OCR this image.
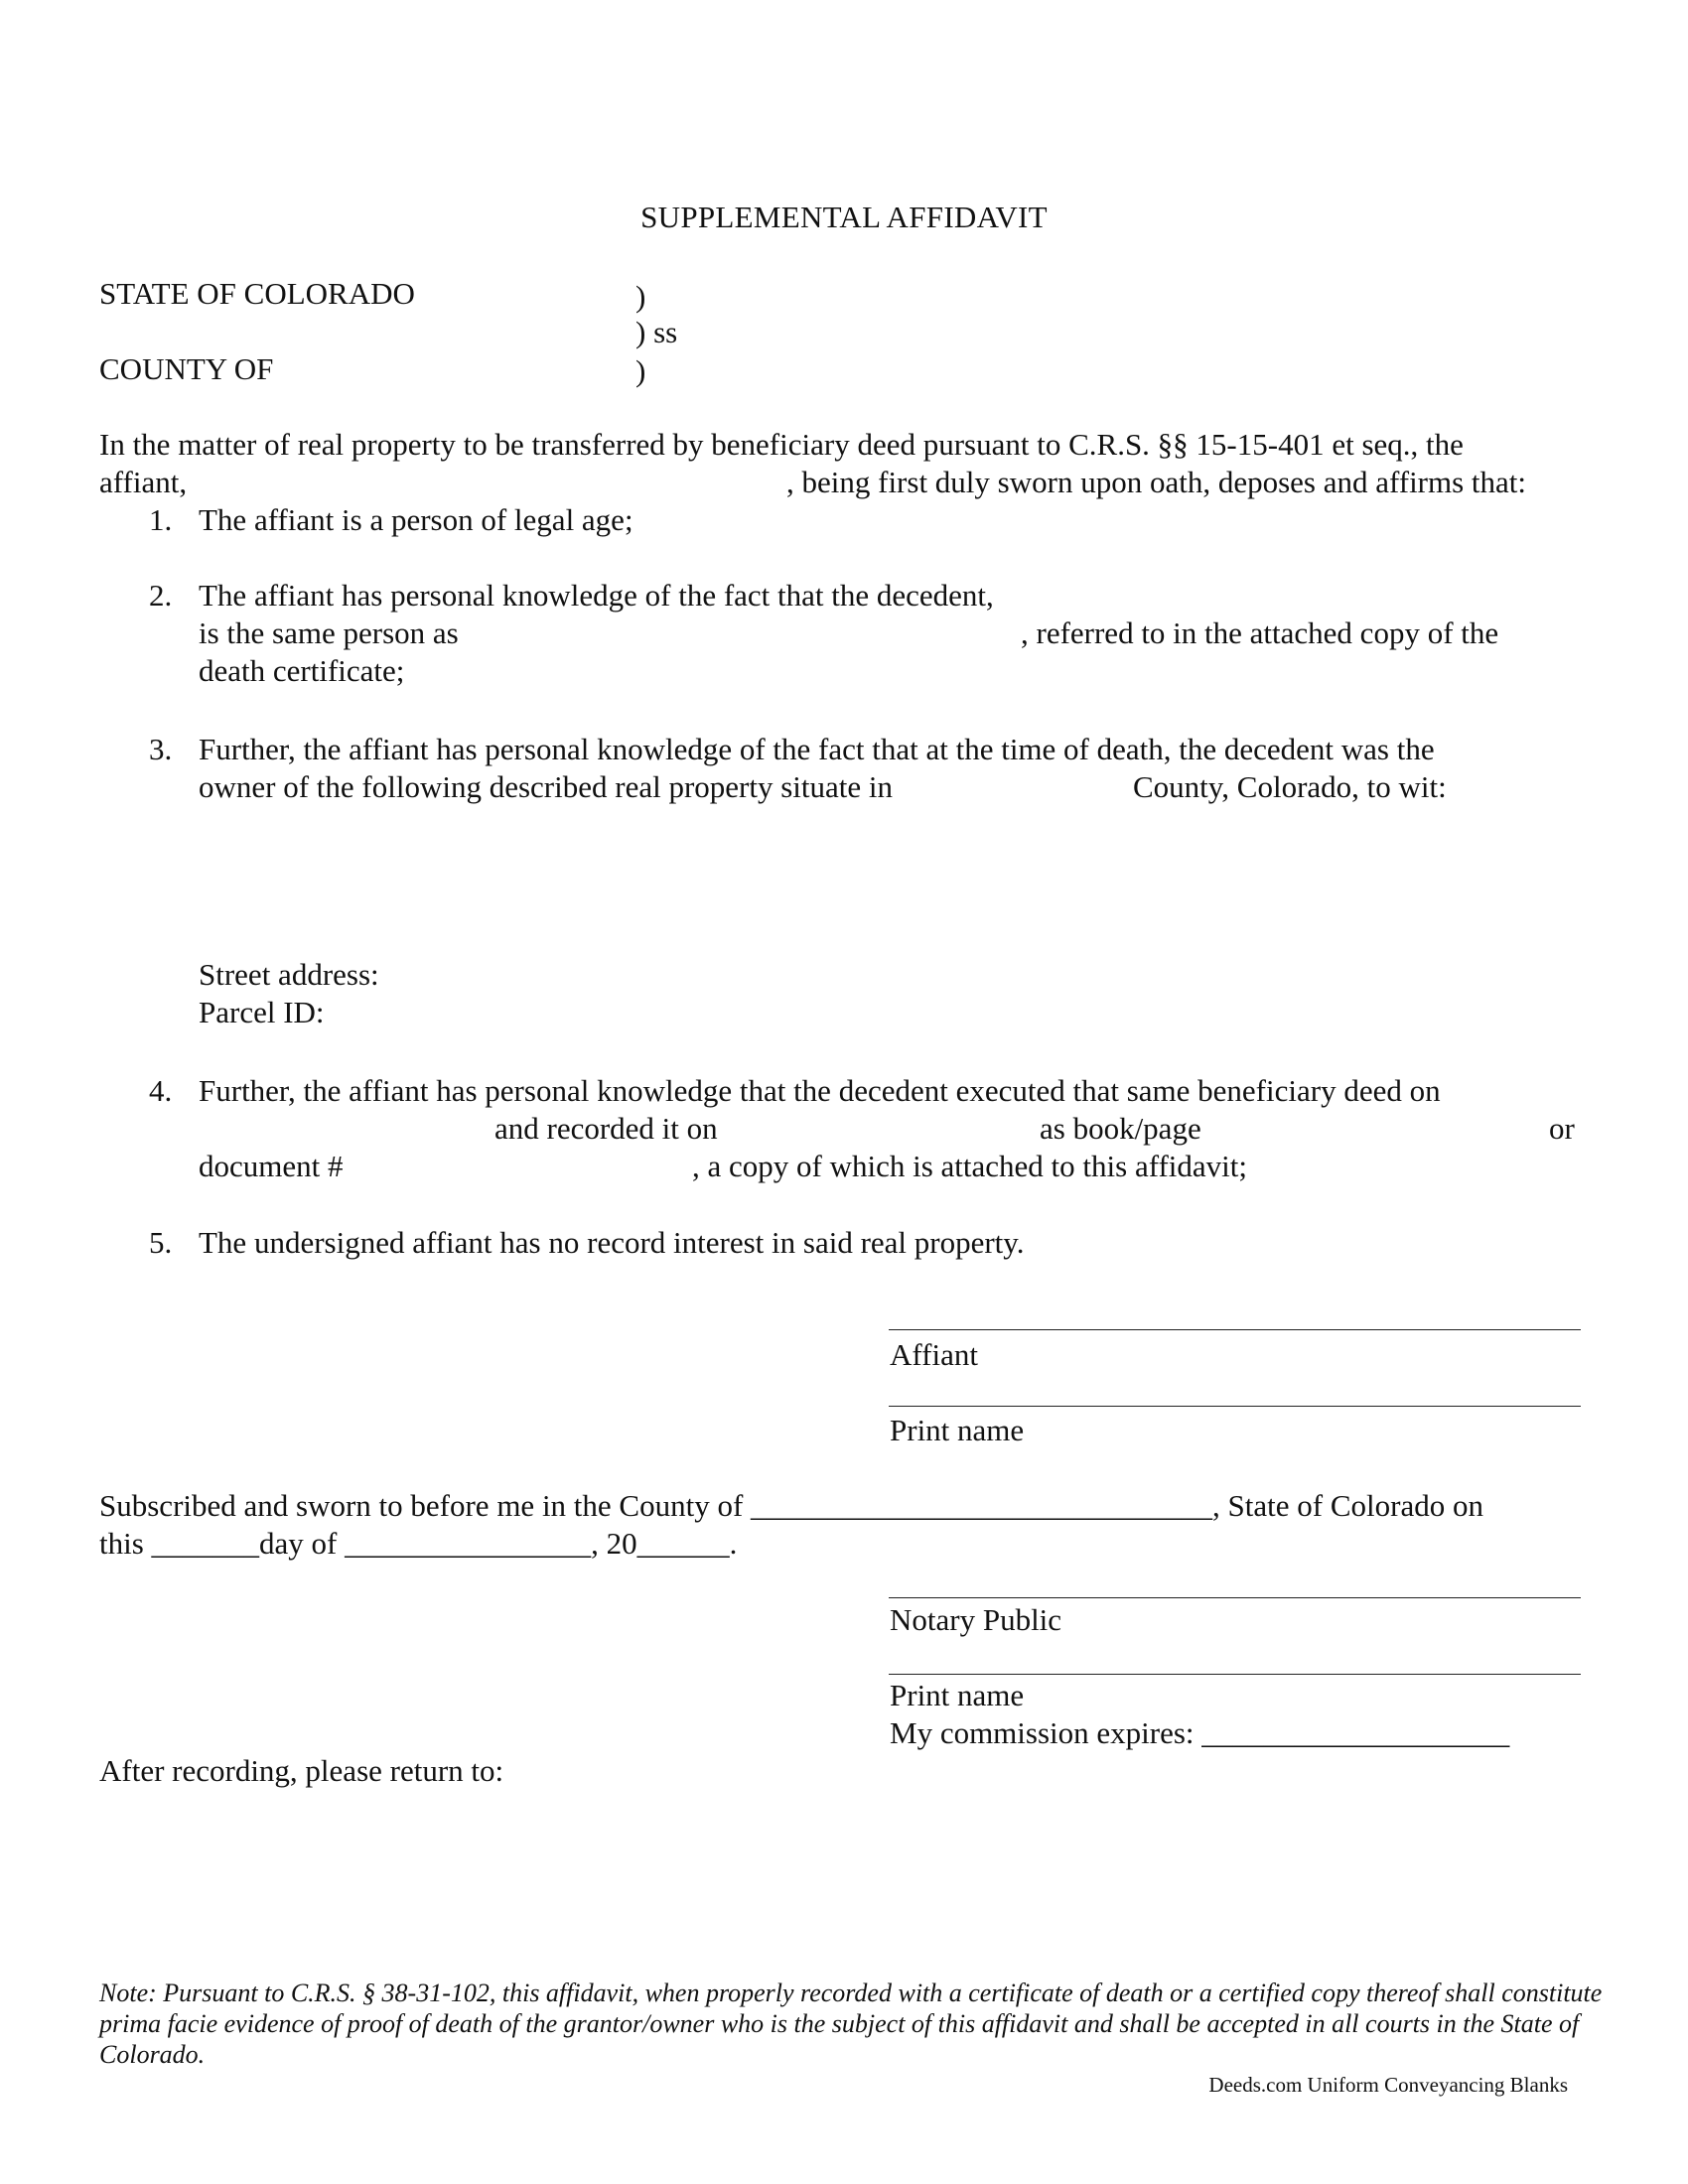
SUPPLEMENTAL AFFIDAVIT
STATE OF COLORADO	)
) ss
COUNTY OF	)
In the matter of real property to be transferred by beneficiary deed pursuant to C.R.S. §§ 15-15-401 et seq., the
affiant,	, being first duly sworn upon oath, deposes and affirms that:
1. The affiant is a person of legal age;
2. The affiant has personal knowledge of the fact that the decedent,
is the same person as	, referred to in the attached copy of the
death certificate;
3. Further, the affiant has personal knowledge of the fact that at the time of death, the decedent was the
owner of the following described real property situate in	County, Colorado, to wit:
Street address:
Parcel ID:
4. Further, the affiant has personal knowledge that the decedent executed that same beneficiary deed on
and recorded it on	as book/page	or
document #	, a copy of which is attached to this affidavit;
5. The undersigned affiant has no record interest in said real property.
Affiant
Print name
Subscribed and sworn to before me in the County of ______________________________, State of Colorado on
this _______day of ________________, 20______.
Notary Public
Print name
My commission expires: ____________________
After recording, please return to:
Note: Pursuant to C.R.S. § 38-31-102, this affidavit, when properly recorded with a certificate of death or a certified copy thereof shall constitute prima facie evidence of proof of death of the grantor/owner who is the subject of this affidavit and shall be accepted in all courts in the State of Colorado.
Deeds.com Uniform Conveyancing Blanks
